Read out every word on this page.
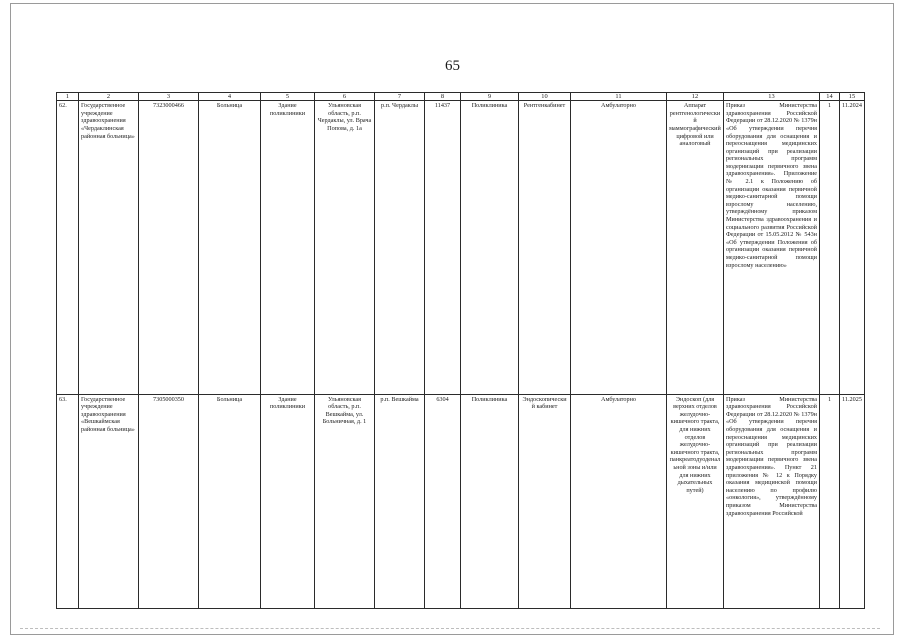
65
1	2	3	4	5	6	7	8	9	10	11	12	13	14	15
62.	Государственное учреждение здравоохранения «Чердаклинская районная больница»	7323000466	Больница	Здание поликлиники	Ульяновская область, р.п. Чердаклы, ул. Врача Попова, д. 1а	р.п. Чердаклы	11437	Поликлиника	Рентгенкабинет	Амбулаторно	Аппарат рентгенологический маммографический цифровой или аналоговый	Приказ Министерства здравоохранения Российской Федерации от 28.12.2020 № 1379н «Об утверждении перечня оборудования для оснащения и переоснащения медицинских организаций при реализации региональных программ модернизации первичного звена здравоохранения». Приложение № 2.1 к Положению об организации оказания первичной медико-санитарной помощи взрослому населению, утверждённому приказом Министерства здравоохранения и социального развития Российской Федерации от 15.05.2012 № 543н «Об утверждении Положения об организации оказания первичной медико-санитарной помощи взрослому населению»	1	11.2024
63.	Государственное учреждение здравоохранения «Вешкаймская районная больница»	7305000350	Больница	Здание поликлиники	Ульяновская область, р.п. Вешкайма, ул. Больничная, д. 1	р.п. Вешкайма	6304	Поликлиника	Эндоскопический кабинет	Амбулаторно	Эндоскоп (для верхних отделов желудочно-кишечного тракта, для нижних отделов желудочно-кишечного тракта, панкреатодуоденальной зоны и/или для нижних дыхательных путей)	Приказ Министерства здравоохранения Российской Федерации от 28.12.2020 № 1379н «Об утверждении перечня оборудования для оснащения и переоснащения медицинских организаций при реализации региональных программ модернизации первичного звена здравоохранения». Пункт 21 приложения № 12 к Порядку оказания медицинской помощи населению по профилю «онкология», утверждённому приказом Министерства здравоохранения Российской	1	11.2025
